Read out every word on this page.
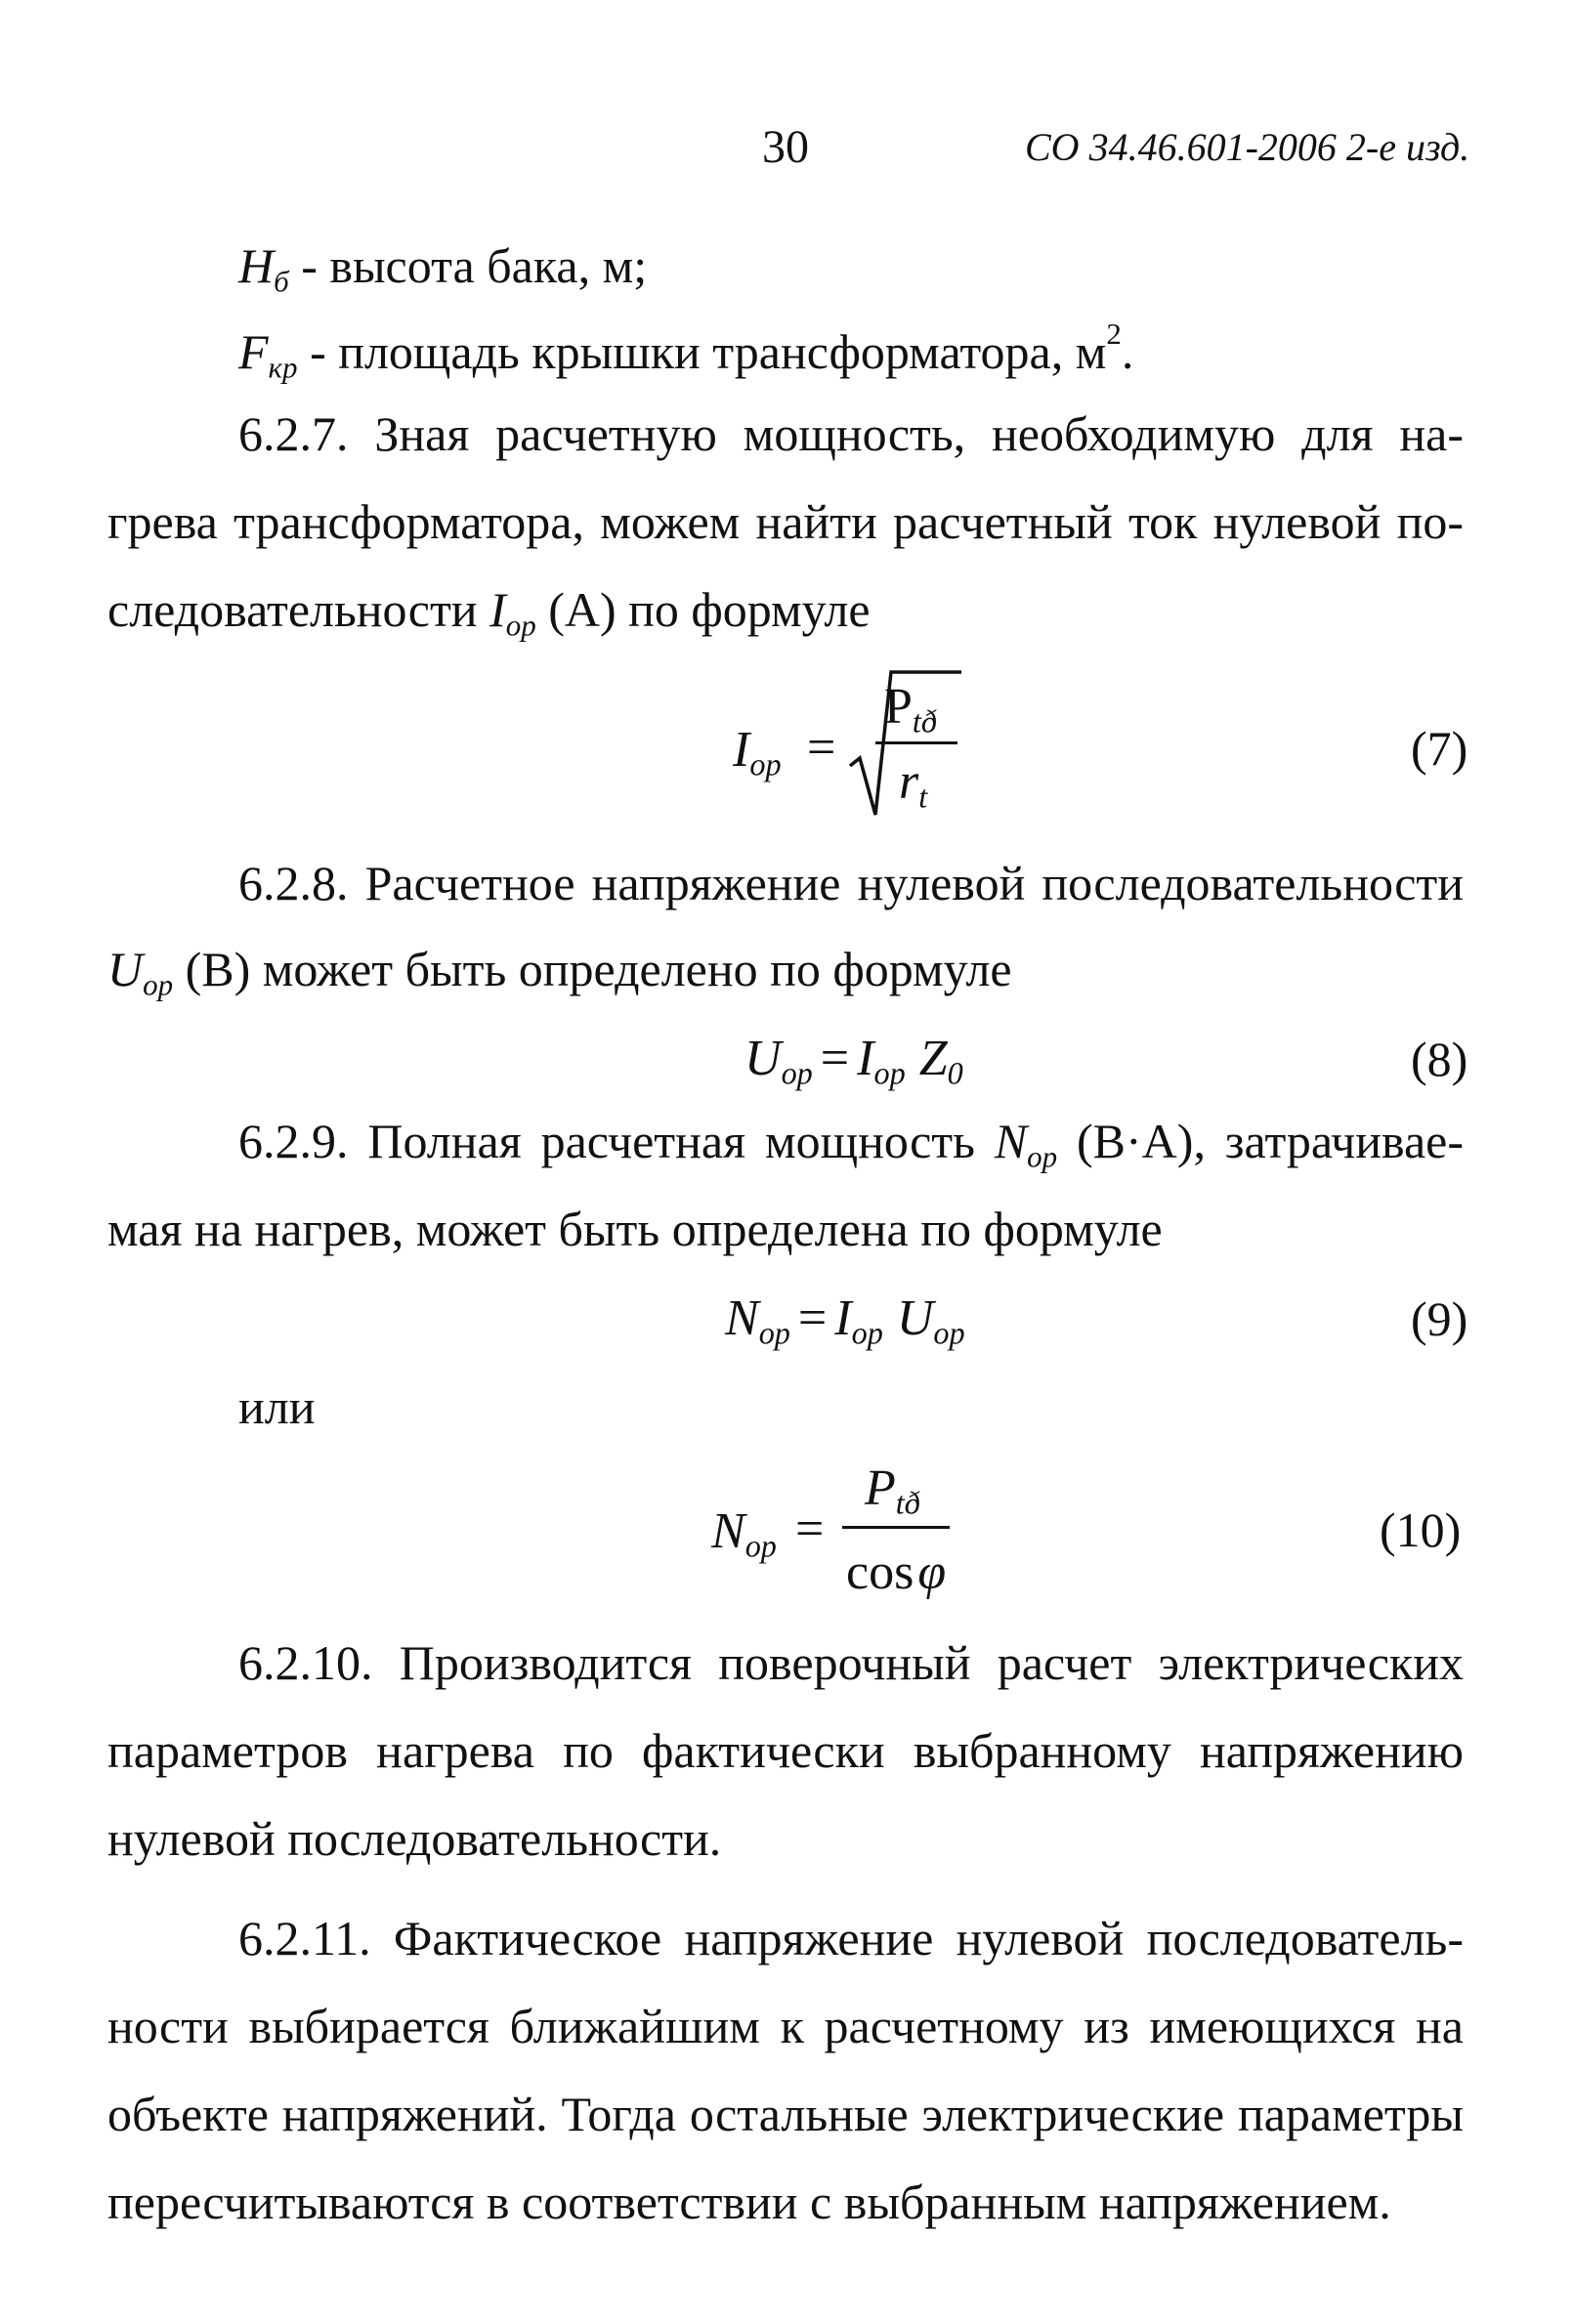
30	СО 34.46.601-2006 2-е изд.
$H_б$ - высота бака, м;
$F_{кр}$ - площадь крышки трансформатора, $м^2$.
6.2.7. Зная расчетную мощность, необходимую для на-
грева трансформатора, можем найти расчетный ток нулевой по-
следовательности $I_{ор}$ (А) по формуле
$I_{ор}$ =
$P_{tð}$
$r_t$
(7)
6.2.8. Расчетное напряжение нулевой последовательности
$U_{ор}$ (В) может быть определено по формуле
$U_{ор} = I_{ор}$ $Z_0$	(8)
6.2.9. Полная расчетная мощность $N_{ор}$ (В·А), затрачивае-
мая на нагрев, может быть определена по формуле
$N_{ор} = I_{ор}$ $U_{ор}$	(9)
или
$N_{ор}$ =
$P_{tð}$
cosφ
(10)
6.2.10. Производится поверочный расчет электрических
параметров нагрева по фактически выбранному напряжению
нулевой последовательности.
6.2.11. Фактическое напряжение нулевой последователь-
ности выбирается ближайшим к расчетному из имеющихся на
объекте напряжений. Тогда остальные электрические параметры
пересчитываются в соответствии с выбранным напряжением.
